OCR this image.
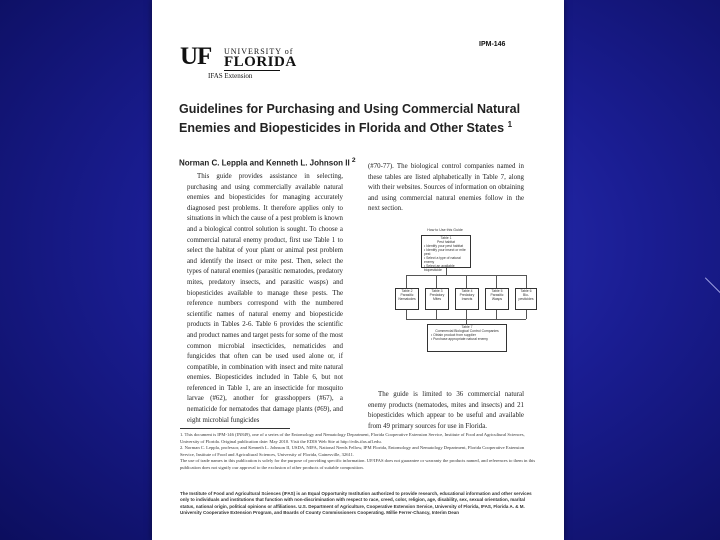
IPM-146
UF UNIVERSITY of
FLORIDA
IFAS Extension
Guidelines for Purchasing and Using Commercial Natural Enemies and Biopesticides in Florida and Other States $^1$
Norman C. Leppla and Kenneth L. Johnson II $^2$
This guide provides assistance in selecting, purchasing and using commercially available natural enemies and biopesticides for managing accurately diagnosed pest problems. It therefore applies only to situations in which the cause of a pest problem is known and a biological control solution is sought. To choose a commercial natural enemy product, first use Table 1 to select the habitat of your plant or animal pest problem and identify the insect or mite pest. Then, select the types of natural enemies (parasitic nematodes, predatory mites, predatory insects, and parasitic wasps) and biopesticides available to manage these pests. The reference numbers correspond with the numbered scientific names of natural enemy and biopesticide products in Tables 2-6. Table 6 provides the scientific and product names and target pests for some of the most common microbial insecticides, nematicides and fungicides that often can be used used alone or, if compatible, in combination with insect and mite natural enemies. Biopesticides included in Table 6, but not referenced in Table 1, are an insecticide for mosquito larvae (#62), another for grasshoppers (#67), a nematicide for nematodes that damage plants (#69), and eight microbial fungicides
(#70-77). The biological control companies named in these tables are listed alphabetically in Table 7, along with their websites. Sources of information on obtaining and using commercial natural enemies follow in the next section.
How to Use this Guide
Table 1
Pest habitat
• Identify your pest habitat
• Identify your insect or mite pest
• Select a type of natural enemy
• Select an available biopesticide
Table 2
Parasitic Nematodes
Table 3
Predatory Mites
Table 4
Predatory Insects
Table 5
Parasitic Wasps
Table 6
Bio-pesticides
Table 7
Commercial Biological Control Companies
• Obtain product from supplier
• Purchase appropriate natural enemy
The guide is limited to 36 commercial natural enemy products (nematodes, mites and insects) and 21 biopesticides which appear to be useful and available from 49 primary sources for use in Florida.
1. This document is IPM-146 (IN849), one of a series of the Entomology and Nematology Department, Florida Cooperative Extension Service, Institute of Food and Agricultural Sciences, University of Florida. Original publication date: May 2010. Visit the EDIS Web Site at http://edis.ifas.ufl.edu.
2. Norman C. Leppla, professor, and Kenneth L. Johnson II, USDA, NIFA, National Needs Fellow, IPM Florida, Entomology and Nematology Department, Florida Cooperative Extension Service, Institute of Food and Agricultural Sciences, University of Florida, Gainesville, 32611.
The use of trade names in this publication is solely for the purpose of providing specific information. UF/IFAS does not guarantee or warranty the products named, and references to them in this publication does not signify our approval to the exclusion of other products of suitable composition.
The Institute of Food and Agricultural Sciences (IFAS) is an Equal Opportunity Institution authorized to provide research, educational information and other services only to individuals and institutions that function with non-discrimination with respect to race, creed, color, religion, age, disability, sex, sexual orientation, marital status, national origin, political opinions or affiliations. U.S. Department of Agriculture, Cooperative Extension Service, University of Florida, IFAS, Florida A. & M. University Cooperative Extension Program, and Boards of County Commissioners Cooperating. Millie Ferrer-Chancy, Interim Dean
